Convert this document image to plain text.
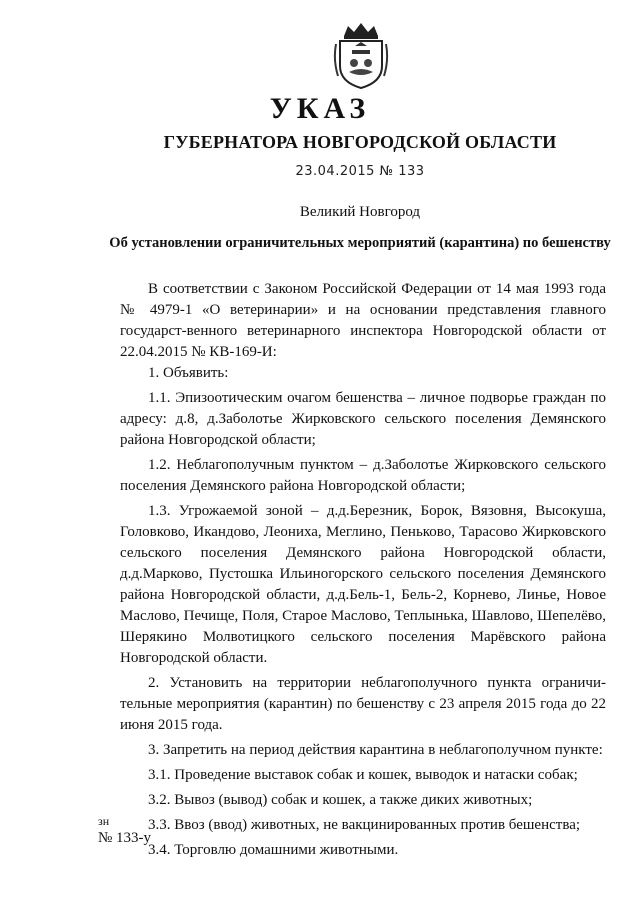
УКАЗ
ГУБЕРНАТОРА НОВГОРОДСКОЙ ОБЛАСТИ
23.04.2015 № 133
Великий Новгород
Об установлении ограничительных мероприятий (карантина) по бешенству

В соответствии с Законом Российской Федерации от 14 мая 1993 года № 4979-1 «О ветеринарии» и на основании представления главного государст-венного ветеринарного инспектора Новгородской области от 22.04.2015 № КВ-169-И:

1. Объявить:

1.1. Эпизоотическим очагом бешенства – личное подворье граждан по адресу: д.8, д.Заболотье Жирковского сельского поселения Демянского района Новгородской области;

1.2. Неблагополучным пунктом – д.Заболотье Жирковского сельского поселения Демянского района Новгородской области;

1.3. Угрожаемой зоной – д.д.Березник, Борок, Вязовня, Высокуша, Головково, Икандово, Леониха, Меглино, Пеньково, Тарасово Жирковского сельского поселения Демянского района Новгородской области, д.д.Марково, Пустошка Ильиногорского сельского поселения Демянского района Новгородской области, д.д.Бель-1, Бель-2, Корнево, Линье, Новое Маслово, Печище, Поля, Старое Маслово, Теплынька, Шавлово, Шепелёво, Шерякино Молвотицкого сельского поселения Марёвского района Новгородской области.

2. Установить на территории неблагополучного пункта ограничи-тельные мероприятия (карантин) по бешенству с 23 апреля 2015 года до 22 июня 2015 года.

3. Запретить на период действия карантина в неблагополучном пункте:

3.1. Проведение выставок собак и кошек, выводок и натаски собак;

3.2. Вывоз (вывод) собак и кошек, а также диких животных;

3.3. Ввоз (ввод) животных, не вакцинированных против бешенства;

3.4. Торговлю домашними животными.

зн
№ 133-у
